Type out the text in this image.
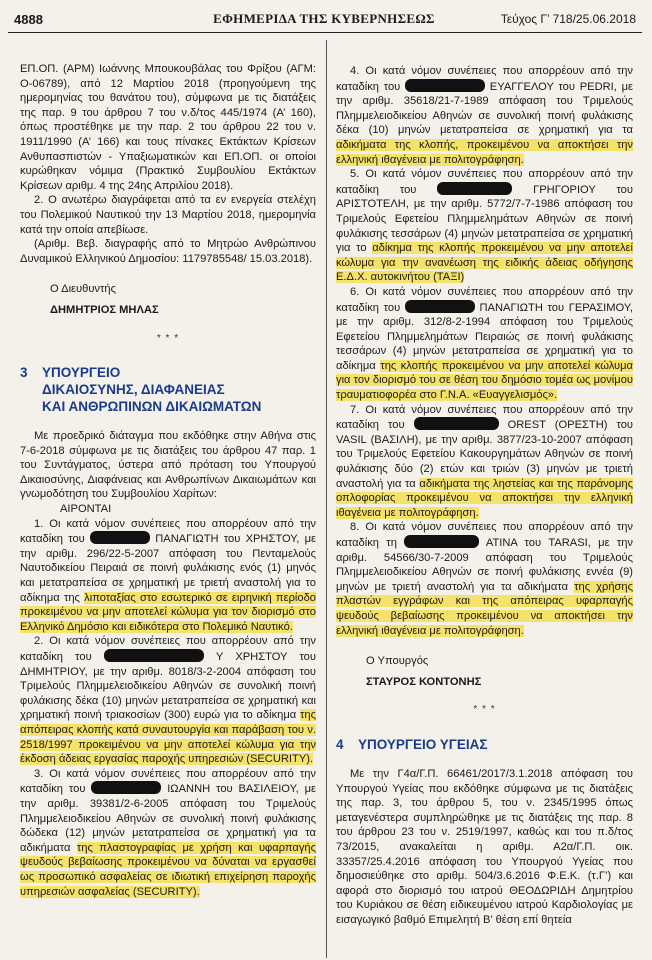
4888	ΕΦΗΜΕΡΙΔΑ ΤΗΣ ΚΥΒΕΡΝΗΣΕΩΣ	Τεύχος Γ’ 718/25.06.2018

ΕΠ.ΟΠ. (ΑΡΜ) Ιωάννης Μπουκουβάλας του Φρίξου (ΑΓΜ: Ο-06789), από 12 Μαρτίου 2018 (προηγούμενη της ημερομηνίας του θανάτου του), σύμφωνα με τις διατάξεις της παρ. 9 του άρθρου 7 του ν.δ/τος 445/1974 (Α’ 160), όπως προστέθηκε με την παρ. 2 του άρθρου 22 του ν. 1911/1990 (Α’ 166) και τους πίνακες Εκτάκτων Κρίσεων Ανθυπασπιστών - Υπαξιωματικών και ΕΠ.ΟΠ. οι οποίοι κυρώθηκαν νόμιμα (Πρακτικό Συμβουλίου Εκτάκτων Κρίσεων αριθμ. 4 της 24ης Απριλίου 2018).

2. Ο ανωτέρω διαγράφεται από τα εν ενεργεία στελέχη του Πολεμικού Ναυτικού την 13 Μαρτίου 2018, ημερομηνία κατά την οποία απεβίωσε.

(Αριθμ. Βεβ. διαγραφής από το Μητρώο Ανθρώπινου Δυναμικού Ελληνικού Δημοσίου: 1179785548/ 15.03.2018).

Ο Διευθυντής

ΔΗΜΗΤΡΙΟΣ ΜΗΛΑΣ

* * *
3 ΥΠΟΥΡΓΕΙΟ
ΔΙΚΑΙΟΣΥΝΗΣ, ΔΙΑΦΑΝΕΙΑΣ
ΚΑΙ ΑΝΘΡΩΠΙΝΩΝ ΔΙΚΑΙΩΜΑΤΩΝ

Με προεδρικό διάταγμα που εκδόθηκε στην Αθήνα στις 7-6-2018 σύμφωνα με τις διατάξεις του άρθρου 47 παρ. 1 του Συντάγματος, ύστερα από πρόταση του Υπουργού Δικαιοσύνης, Διαφάνειας και Ανθρωπίνων Δικαιωμάτων και γνωμοδότηση του Συμβουλίου Χαρίτων:

ΑΙΡΟΝΤΑΙ

1. Οι κατά νόμον συνέπειες που απορρέουν από την καταδίκη του	ΠΑΝΑΓΙΩΤΗ του ΧΡΗΣΤΟΥ, με την αριθμ. 296/22-5-2007 απόφαση του Πενταμελούς Ναυτοδικείου Πειραιά σε ποινή φυλάκισης ενός (1) μηνός και μετατραπείσα σε χρηματική με τριετή αναστολή για το αδίκημα της λιποταξίας στο εσωτερικό σε ειρηνική περίοδο προκειμένου να μην αποτελεί κώλυμα για τον διορισμό στο Ελληνικό Δημόσιο και ειδικότερα στο Πολεμικό Ναυτικό.

2. Οι κατά νόμον συνέπειες που απορρέουν από την καταδίκη του	Υ ΧΡΗΣΤΟΥ του ΔΗΜΗΤΡΙΟΥ, με την αριθμ. 8018/3-2-2004 απόφαση του Τριμελούς Πλημμελειοδικείου Αθηνών σε συνολική ποινή φυλάκισης δέκα (10) μηνών μετατραπείσα σε χρηματική και χρηματική ποινή τριακοσίων (300) ευρώ για το αδίκημα της απόπειρας κλοπής κατά συναυτουργία και παράβαση του ν. 2518/1997 προκειμένου να μην αποτελεί κώλυμα για την έκδοση άδειας εργασίας παροχής υπηρεσιών (SECURITY).

3. Οι κατά νόμον συνέπειες που απορρέουν από την καταδίκη του	ΙΩΑΝΝΗ του ΒΑΣΙΛΕΙΟΥ, με την αριθμ. 39381/2-6-2005 απόφαση του Τριμελούς Πλημμελειοδικείου Αθηνών σε συνολική ποινή φυλάκισης δώδεκα (12) μηνών μετατραπείσα σε χρηματική για τα αδικήματα της πλαστογραφίας με χρήση και υφαρπαγής ψευδούς βεβαίωσης προκειμένου να δύναται να εργασθεί ως προσωπικό ασφαλείας σε ιδιωτική επιχείρηση παροχής υπηρεσιών ασφαλείας (SECURITY).

4. Οι κατά νόμον συνέπειες που απορρέουν από την καταδίκη του	ΕΥΑΓΓΕΛΟΥ του PEDRI, με την αριθμ. 35618/21-7-1989 απόφαση του Τριμελούς Πλημμελειοδικείου Αθηνών σε συνολική ποινή φυλάκισης δέκα (10) μηνών μετατραπείσα σε χρηματική για τα αδικήματα της κλοπής, προκειμένου να αποκτήσει την ελληνική ιθαγένεια με πολιτογράφηση.

5. Οι κατά νόμον συνέπειες που απορρέουν από την καταδίκη του	ΓΡΗΓΟΡΙΟΥ του ΑΡΙΣΤΟΤΕΛΗ, με την αριθμ. 5772/7-7-1986 απόφαση του Τριμελούς Εφετείου Πλημμελημάτων Αθηνών σε ποινή φυλάκισης τεσσάρων (4) μηνών μετατραπείσα σε χρηματική για το αδίκημα της κλοπής προκειμένου να μην αποτελεί κώλυμα για την ανανέωση της ειδικής άδειας οδήγησης Ε.Δ.Χ. αυτοκινήτου (ΤΑΞΙ)

6. Οι κατά νόμον συνέπειες που απορρέουν από την καταδίκη του	ΠΑΝΑΓΙΩΤΗ του ΓΕΡΑΣΙΜΟΥ, με την αριθμ. 312/8-2-1994 απόφαση του Τριμελούς Εφετείου Πλημμελημάτων Πειραιώς σε ποινή φυλάκισης τεσσάρων (4) μηνών μετατραπείσα σε χρηματική για το αδίκημα της κλοπής προκειμένου να μην αποτελεί κώλυμα για τον διορισμό του σε θέση του δημόσιο τομέα ως μονίμου τραυματιοφορέα στο Γ.Ν.Α. «Ευαγγελισμός».

7. Οι κατά νόμον συνέπειες που απορρέουν από την καταδίκη του	OREST (ΟΡΕΣΤΗ) του VASIL (ΒΑΣΙΛΗ), με την αριθμ. 3877/23-10-2007 απόφαση του Τριμελούς Εφετείου Κακουργημάτων Αθηνών σε ποινή φυλάκισης δύο (2) ετών και τριών (3) μηνών με τριετή αναστολή για τα αδικήματα της ληστείας και της παράνομης οπλοφορίας προκειμένου να αποκτήσει την ελληνική ιθαγένεια με πολιτογράφηση.

8. Οι κατά νόμον συνέπειες που απορρέουν από την καταδίκη τη	ΑΤΙΝΑ του TARASI, με την αριθμ. 54566/30-7-2009 απόφαση του Τριμελούς Πλημμελειοδικείου Αθηνών σε ποινή φυλάκισης εννέα (9) μηνών με τριετή αναστολή για τα αδικήματα της χρήσης πλαστών εγγράφων και της απόπειρας υφαρπαγής ψευδούς βεβαίωσης προκειμένου να αποκτήσει την ελληνική ιθαγένεια με πολιτογράφηση.

Ο Υπουργός

ΣΤΑΥΡΟΣ ΚΟΝΤΟΝΗΣ

* * *
4 ΥΠΟΥΡΓΕΙΟ ΥΓΕΙΑΣ

Με την Γ4α/Γ.Π. 66461/2017/3.1.2018 απόφαση του Υπουργού Υγείας που εκδόθηκε σύμφωνα με τις διατάξεις της παρ. 3, του άρθρου 5, του ν. 2345/1995 όπως μεταγενέστερα συμπληρώθηκε με τις διατάξεις της παρ. 8 του άρθρου 23 του ν. 2519/1997, καθώς και του π.δ/τος 73/2015, ανακαλείται η αριθμ. Α2α/Γ.Π. οικ. 33357/25.4.2016 απόφαση του Υπουργού Υγείας που δημοσιεύθηκε στο αριθμ. 504/3.6.2016 Φ.Ε.Κ. (τ.Γ’) και αφορά στο διορισμό του ιατρού ΘΕΟΔΩΡΙΔΗ Δημητρίου του Κυριάκου σε θέση ειδικευμένου ιατρού Καρδιολογίας με εισαγωγικό βαθμό Επιμελητή Β’ θέση επί θητεία
